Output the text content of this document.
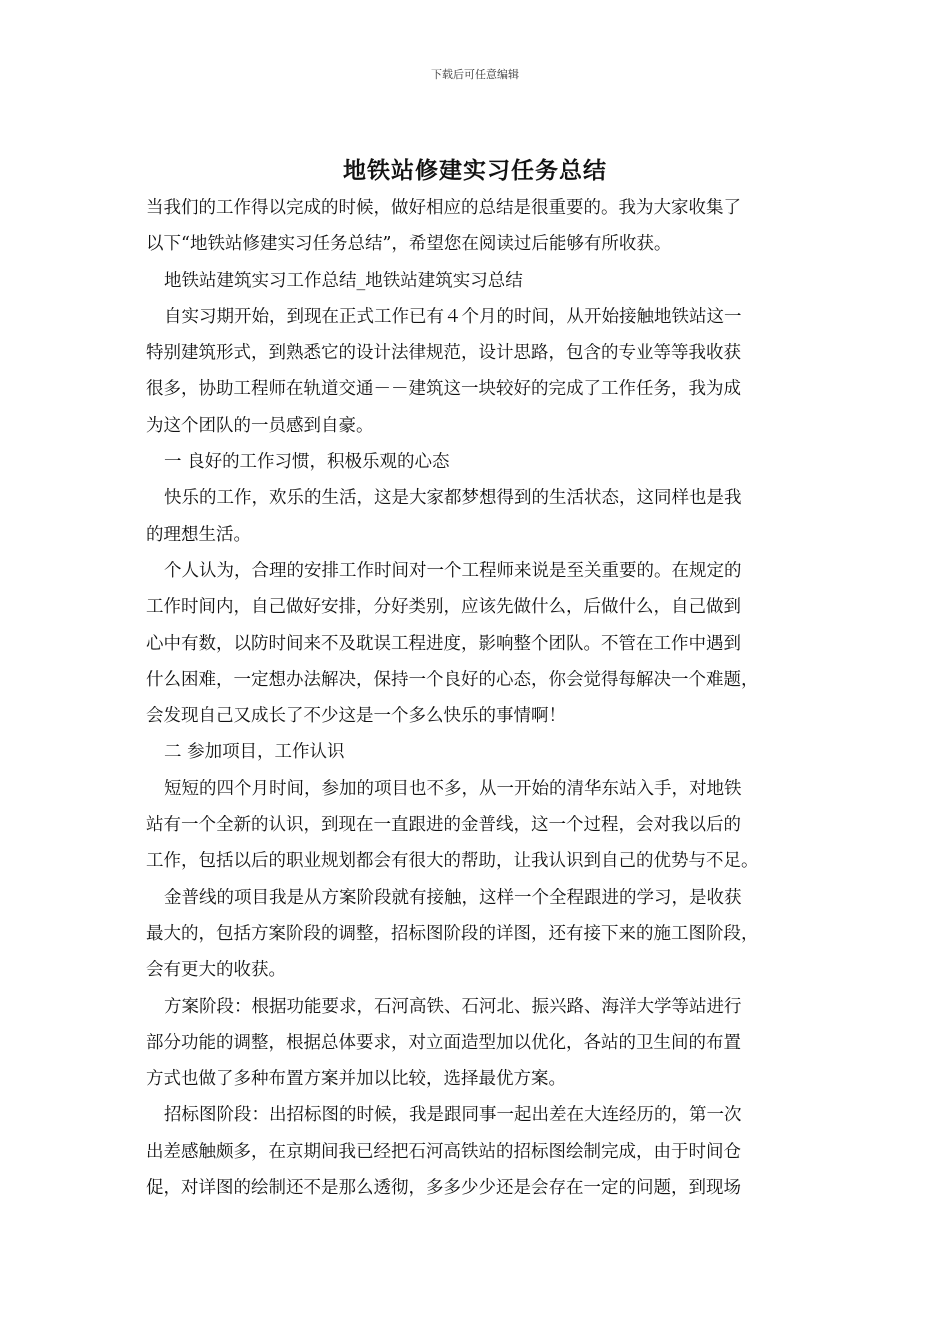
下载后可任意编辑
地铁站修建实习任务总结
当我们的工作得以完成的时候，做好相应的总结是很重要的。我为大家收集了
以下“地铁站修建实习任务总结”，希望您在阅读过后能够有所收获。
地铁站建筑实习工作总结_地铁站建筑实习总结
自实习期开始，到现在正式工作已有４个月的时间，从开始接触地铁站这一
特别建筑形式，到熟悉它的设计法律规范，设计思路，包含的专业等等我收获
很多，协助工程师在轨道交通－－建筑这一块较好的完成了工作任务，我为成
为这个团队的一员感到自豪。
一 良好的工作习惯，积极乐观的心态
快乐的工作，欢乐的生活，这是大家都梦想得到的生活状态，这同样也是我
的理想生活。
个人认为，合理的安排工作时间对一个工程师来说是至关重要的。在规定的
工作时间内，自己做好安排，分好类别，应该先做什么，后做什么，自己做到
心中有数，以防时间来不及耽误工程进度，影响整个团队。不管在工作中遇到
什么困难，一定想办法解决，保持一个良好的心态，你会觉得每解决一个难题，
会发现自己又成长了不少这是一个多么快乐的事情啊！
二 参加项目，工作认识
短短的四个月时间，参加的项目也不多，从一开始的清华东站入手，对地铁
站有一个全新的认识，到现在一直跟进的金普线，这一个过程，会对我以后的
工作，包括以后的职业规划都会有很大的帮助，让我认识到自己的优势与不足。
金普线的项目我是从方案阶段就有接触，这样一个全程跟进的学习，是收获
最大的，包括方案阶段的调整，招标图阶段的详图，还有接下来的施工图阶段，
会有更大的收获。
方案阶段：根据功能要求，石河高铁、石河北、振兴路、海洋大学等站进行
部分功能的调整，根据总体要求，对立面造型加以优化，各站的卫生间的布置
方式也做了多种布置方案并加以比较，选择最优方案。
招标图阶段：出招标图的时候，我是跟同事一起出差在大连经历的，第一次
出差感触颇多，在京期间我已经把石河高铁站的招标图绘制完成，由于时间仓
促，对详图的绘制还不是那么透彻，多多少少还是会存在一定的问题，到现场
